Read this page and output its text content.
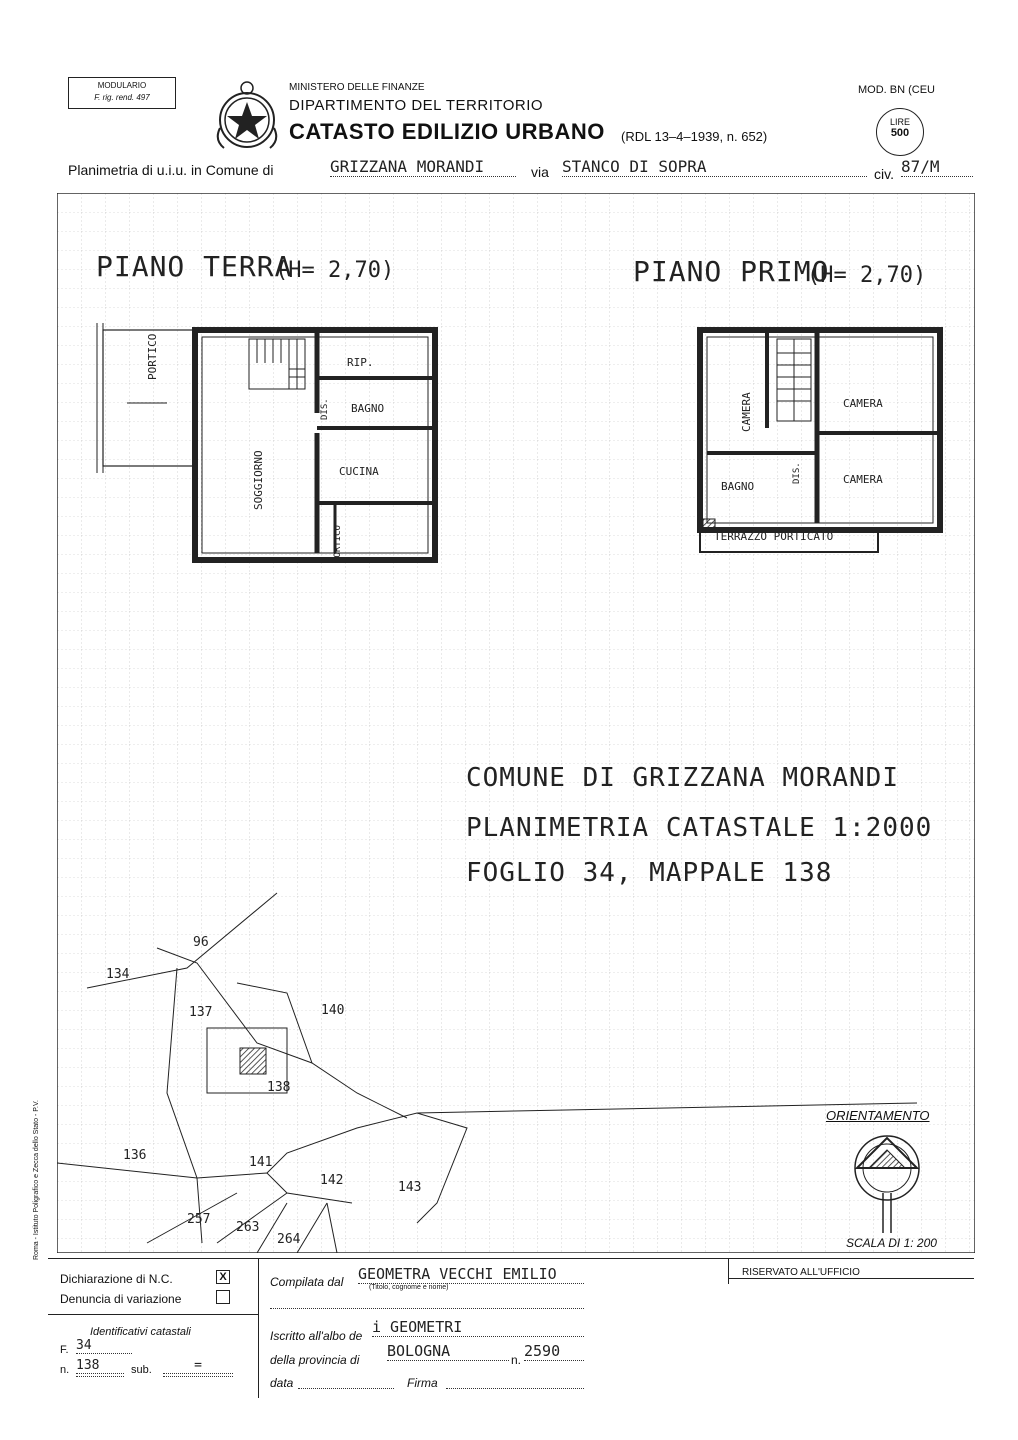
MODULARIO
F. rig. rend. 497
MINISTERO DELLE FINANZE
DIPARTIMENTO DEL TERRITORIO
CATASTO EDILIZIO URBANO (RDL 13–4–1939, n. 652)
MOD. BN (CEU
LIRE
500
Planimetria di u.i.u. in Comune di	GRIZZANA MORANDI	via STANCO DI SOPRA	civ. 87/M
PIANO TERRA
(H= 2,70)	PIANO PRIMO
(H= 2,70)
PORTICO	RIP.
DIS. BAGNO
SOGGIORNO	CUCINA
PORTICO
CAMERA	CAMERA
CAMERA
BAGNO
DIS.
TERRAZZO PORTICATO
COMUNE DI GRIZZANA MORANDI
PLANIMETRIA CATASTALE 1:2000
FOGLIO 34, MAPPALE 138
96
134
137	140
138
136	141
142	143
257
263
264
ORIENTAMENTO
SCALA DI 1: 200
Roma - Istituto Poligrafico e Zecca dello Stato - P.V.
Dichiarazione di N.C.	X
Denuncia di variazione
Identificativi catastali
F. 34
n. 138	sub.	=
Compilata dal GEOMETRA VECCHI EMILIO
(Titolo, cognome e nome)
Iscritto all'albo de i GEOMETRI
della provincia di BOLOGNA	n. 2590
data	Firma
RISERVATO ALL'UFFICIO
